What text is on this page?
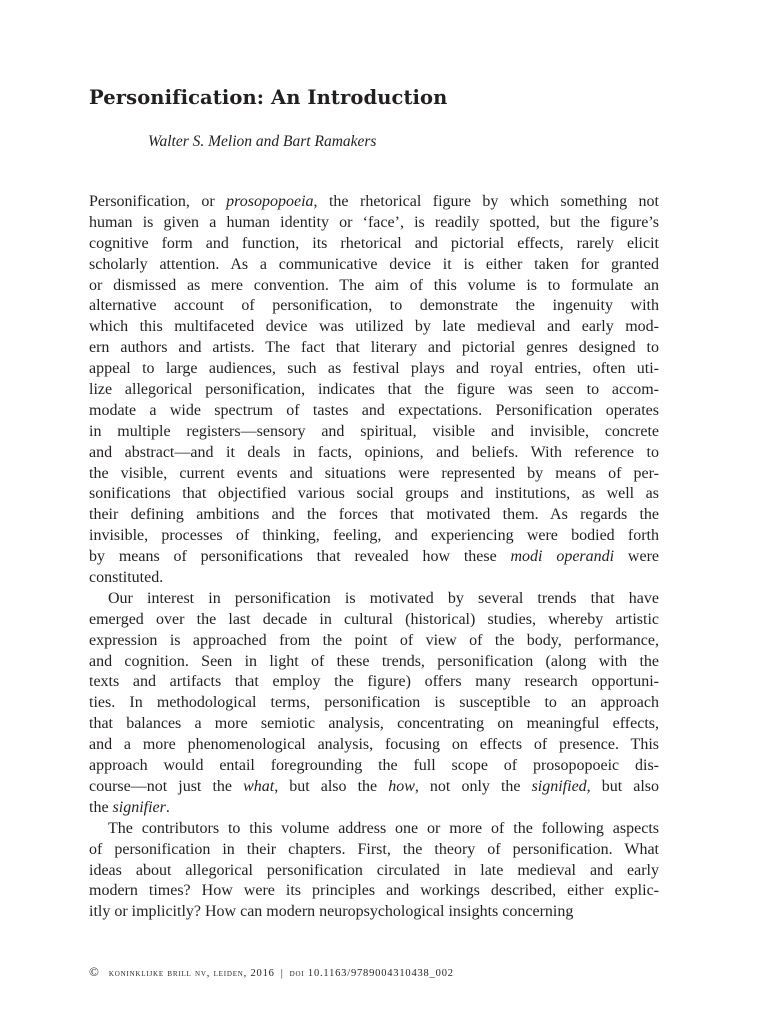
Personification: An Introduction
Walter S. Melion and Bart Ramakers

Personification, or prosopopoeia, the rhetorical figure by which something not
human is given a human identity or ‘face’, is readily spotted, but the figure’s
cognitive form and function, its rhetorical and pictorial effects, rarely elicit
scholarly attention. As a communicative device it is either taken for granted
or dismissed as mere convention. The aim of this volume is to formulate an
alternative account of personification, to demonstrate the ingenuity with
which this multifaceted device was utilized by late medieval and early mod-
ern authors and artists. The fact that literary and pictorial genres designed to
appeal to large audiences, such as festival plays and royal entries, often uti-
lize allegorical personification, indicates that the figure was seen to accom-
modate a wide spectrum of tastes and expectations. Personification operates
in multiple registers—sensory and spiritual, visible and invisible, concrete
and abstract—and it deals in facts, opinions, and beliefs. With reference to
the visible, current events and situations were represented by means of per-
sonifications that objectified various social groups and institutions, as well as
their defining ambitions and the forces that motivated them. As regards the
invisible, processes of thinking, feeling, and experiencing were bodied forth
by means of personifications that revealed how these modi operandi were
constituted.

Our interest in personification is motivated by several trends that have
emerged over the last decade in cultural (historical) studies, whereby artistic
expression is approached from the point of view of the body, performance,
and cognition. Seen in light of these trends, personification (along with the
texts and artifacts that employ the figure) offers many research opportuni-
ties. In methodological terms, personification is susceptible to an approach
that balances a more semiotic analysis, concentrating on meaningful effects,
and a more phenomenological analysis, focusing on effects of presence. This
approach would entail foregrounding the full scope of prosopopoeic dis-
course—not just the what, but also the how, not only the signified, but also
the signifier.

The contributors to this volume address one or more of the following aspects
of personification in their chapters. First, the theory of personification. What
ideas about allegorical personification circulated in late medieval and early
modern times? How were its principles and workings described, either explic-
itly or implicitly? How can modern neuropsychological insights concerning

© koninklijke brill nv, leiden, 2016 | doi 10.1163/9789004310438_002
